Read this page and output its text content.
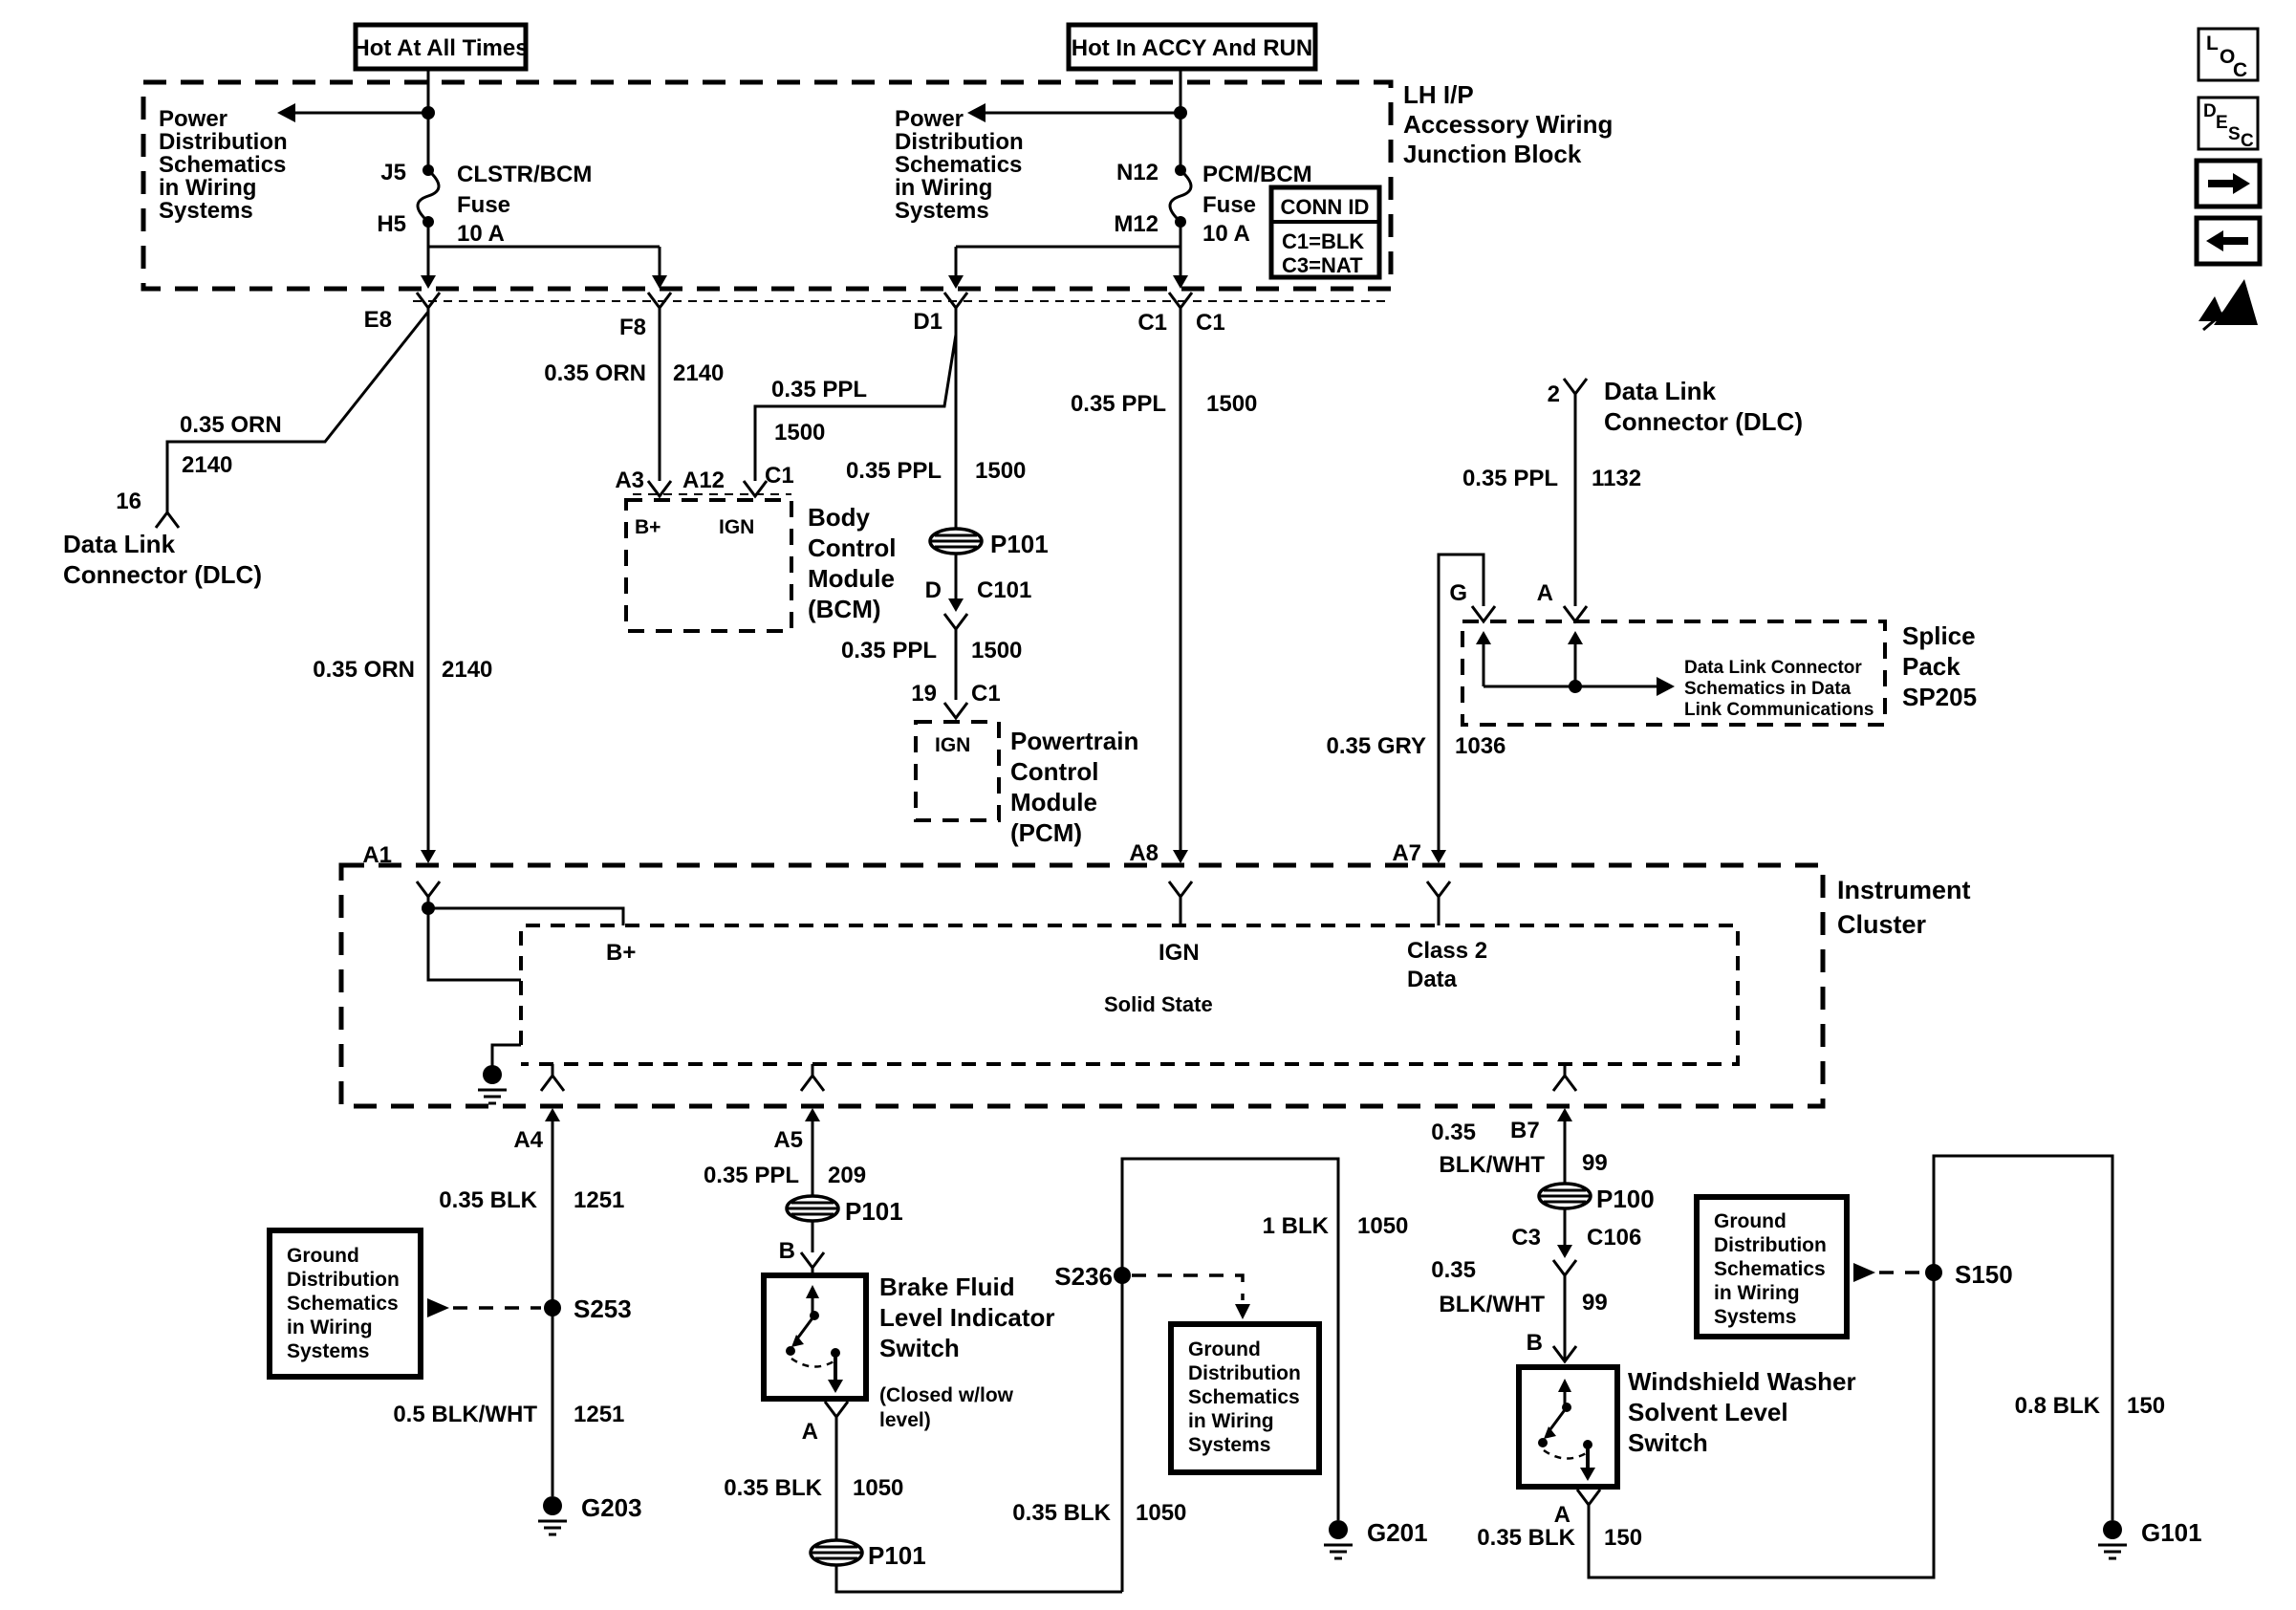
Hot At All Times
Power
Distribution
Schematics
in Wiring
Systems
J5
H5
CLSTR/BCM
Fuse
10 A
Hot In ACCY And RUN
Power
Distribution
Schematics
in Wiring
Systems
N12
M12
PCM/BCM
Fuse
10 A
CONN ID
C1=BLK
C3=NAT
LH I/P
Accessory Wiring
Junction Block
E8	F8	D1	C1 C1
0.35 ORN
2140
16
Data Link
Connector (DLC)
0.35 ORN 2140
A1
0.35 ORN 2140
A3 A12 C1
B+	IGN Body
Control
Module
(BCM)
0.35 PPL
1500
0.35 PPL 1500
P101
D C101
0.35 PPL 1500
19 C1
IGN Powertrain
Control
Module
(PCM)
0.35 PPL 1500
A8
2 Data Link
Connector (DLC)
0.35 PPL 1132
A
G
0.35 GRY 1036
A7
Data Link Connector
Schematics in Data
Link Communications
Splice
Pack
SP205
Instrument
Cluster
B+	IGN	Class 2
Data
Solid State
A4	A5	0.35 B7
BLK/WHT 99
0.35 BLK 1251
Ground
Distribution
Schematics
in Wiring
Systems
S253
0.5 BLK/WHT 1251
G203
0.35 PPL 209
P101
B
Brake Fluid
Level Indicator
Switch
(Closed w/low
level)
A
0.35 BLK 1050
P101
S236
Ground
Distribution
Schematics
in Wiring
Systems
1 BLK 1050
0.35 BLK 1050
G201
P100
C3 C106
0.35
BLK/WHT 99
B
Windshield Washer
Solvent Level
Switch
A
0.35 BLK 150
Ground
Distribution
Schematics
in Wiring
Systems
S150
0.8 BLK 150
G101
L
O
C
D
E
S C
